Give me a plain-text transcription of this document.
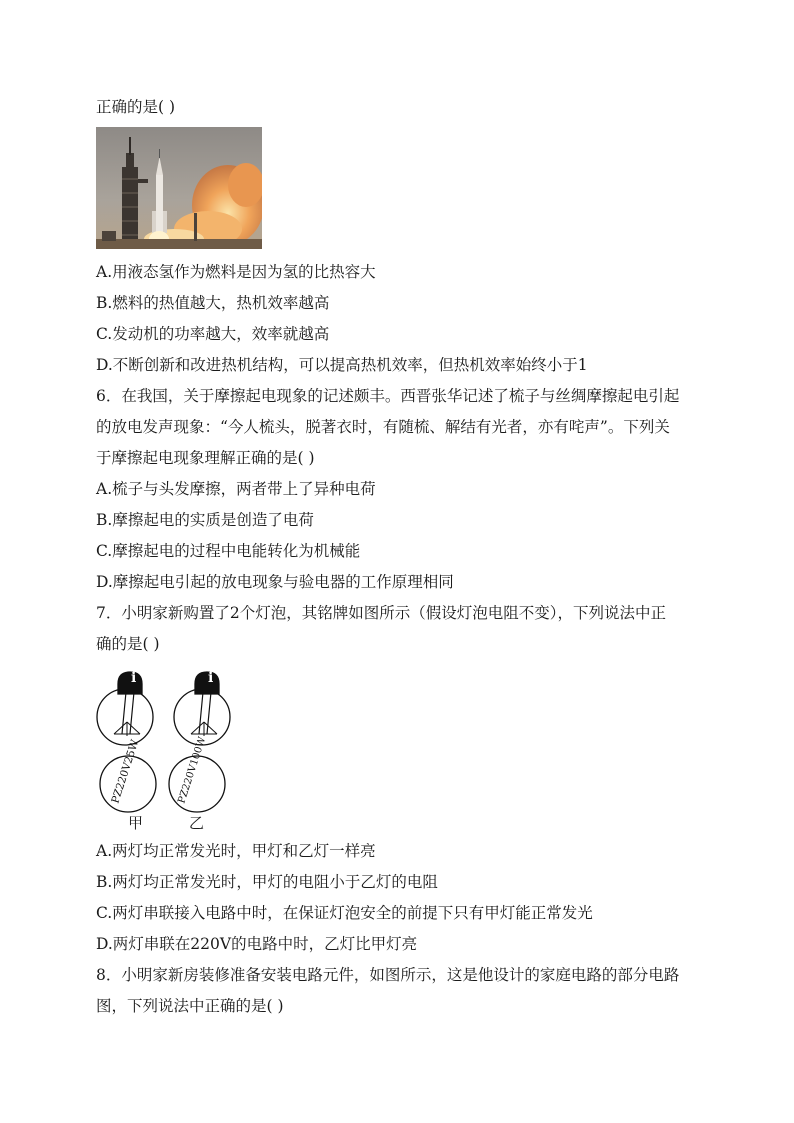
正确的是( )
A.用液态氢作为燃料是因为氢的比热容大
B.燃料的热值越大，热机效率越高
C.发动机的功率越大，效率就越高
D.不断创新和改进热机结构，可以提高热机效率，但热机效率始终小于1
6．在我国，关于摩擦起电现象的记述颇丰。西晋张华记述了梳子与丝绸摩擦起电引起
的放电发声现象：“今人梳头，脱著衣时，有随梳、解结有光者，亦有咤声”。下列关
于摩擦起电现象理解正确的是( )
A.梳子与头发摩擦，两者带上了异种电荷
B.摩擦起电的实质是创造了电荷
C.摩擦起电的过程中电能转化为机械能
D.摩擦起电引起的放电现象与验电器的工作原理相同
7．小明家新购置了2个灯泡，其铭牌如图所示（假设灯泡电阻不变），下列说法中正
确的是( )
i	i
PZ220V25W	PZ220V100W
甲	乙
A.两灯均正常发光时，甲灯和乙灯一样亮
B.两灯均正常发光时，甲灯的电阻小于乙灯的电阻
C.两灯串联接入电路中时，在保证灯泡安全的前提下只有甲灯能正常发光
D.两灯串联在220V的电路中时，乙灯比甲灯亮
8．小明家新房装修准备安装电路元件，如图所示，这是他设计的家庭电路的部分电路
图，下列说法中正确的是( )
